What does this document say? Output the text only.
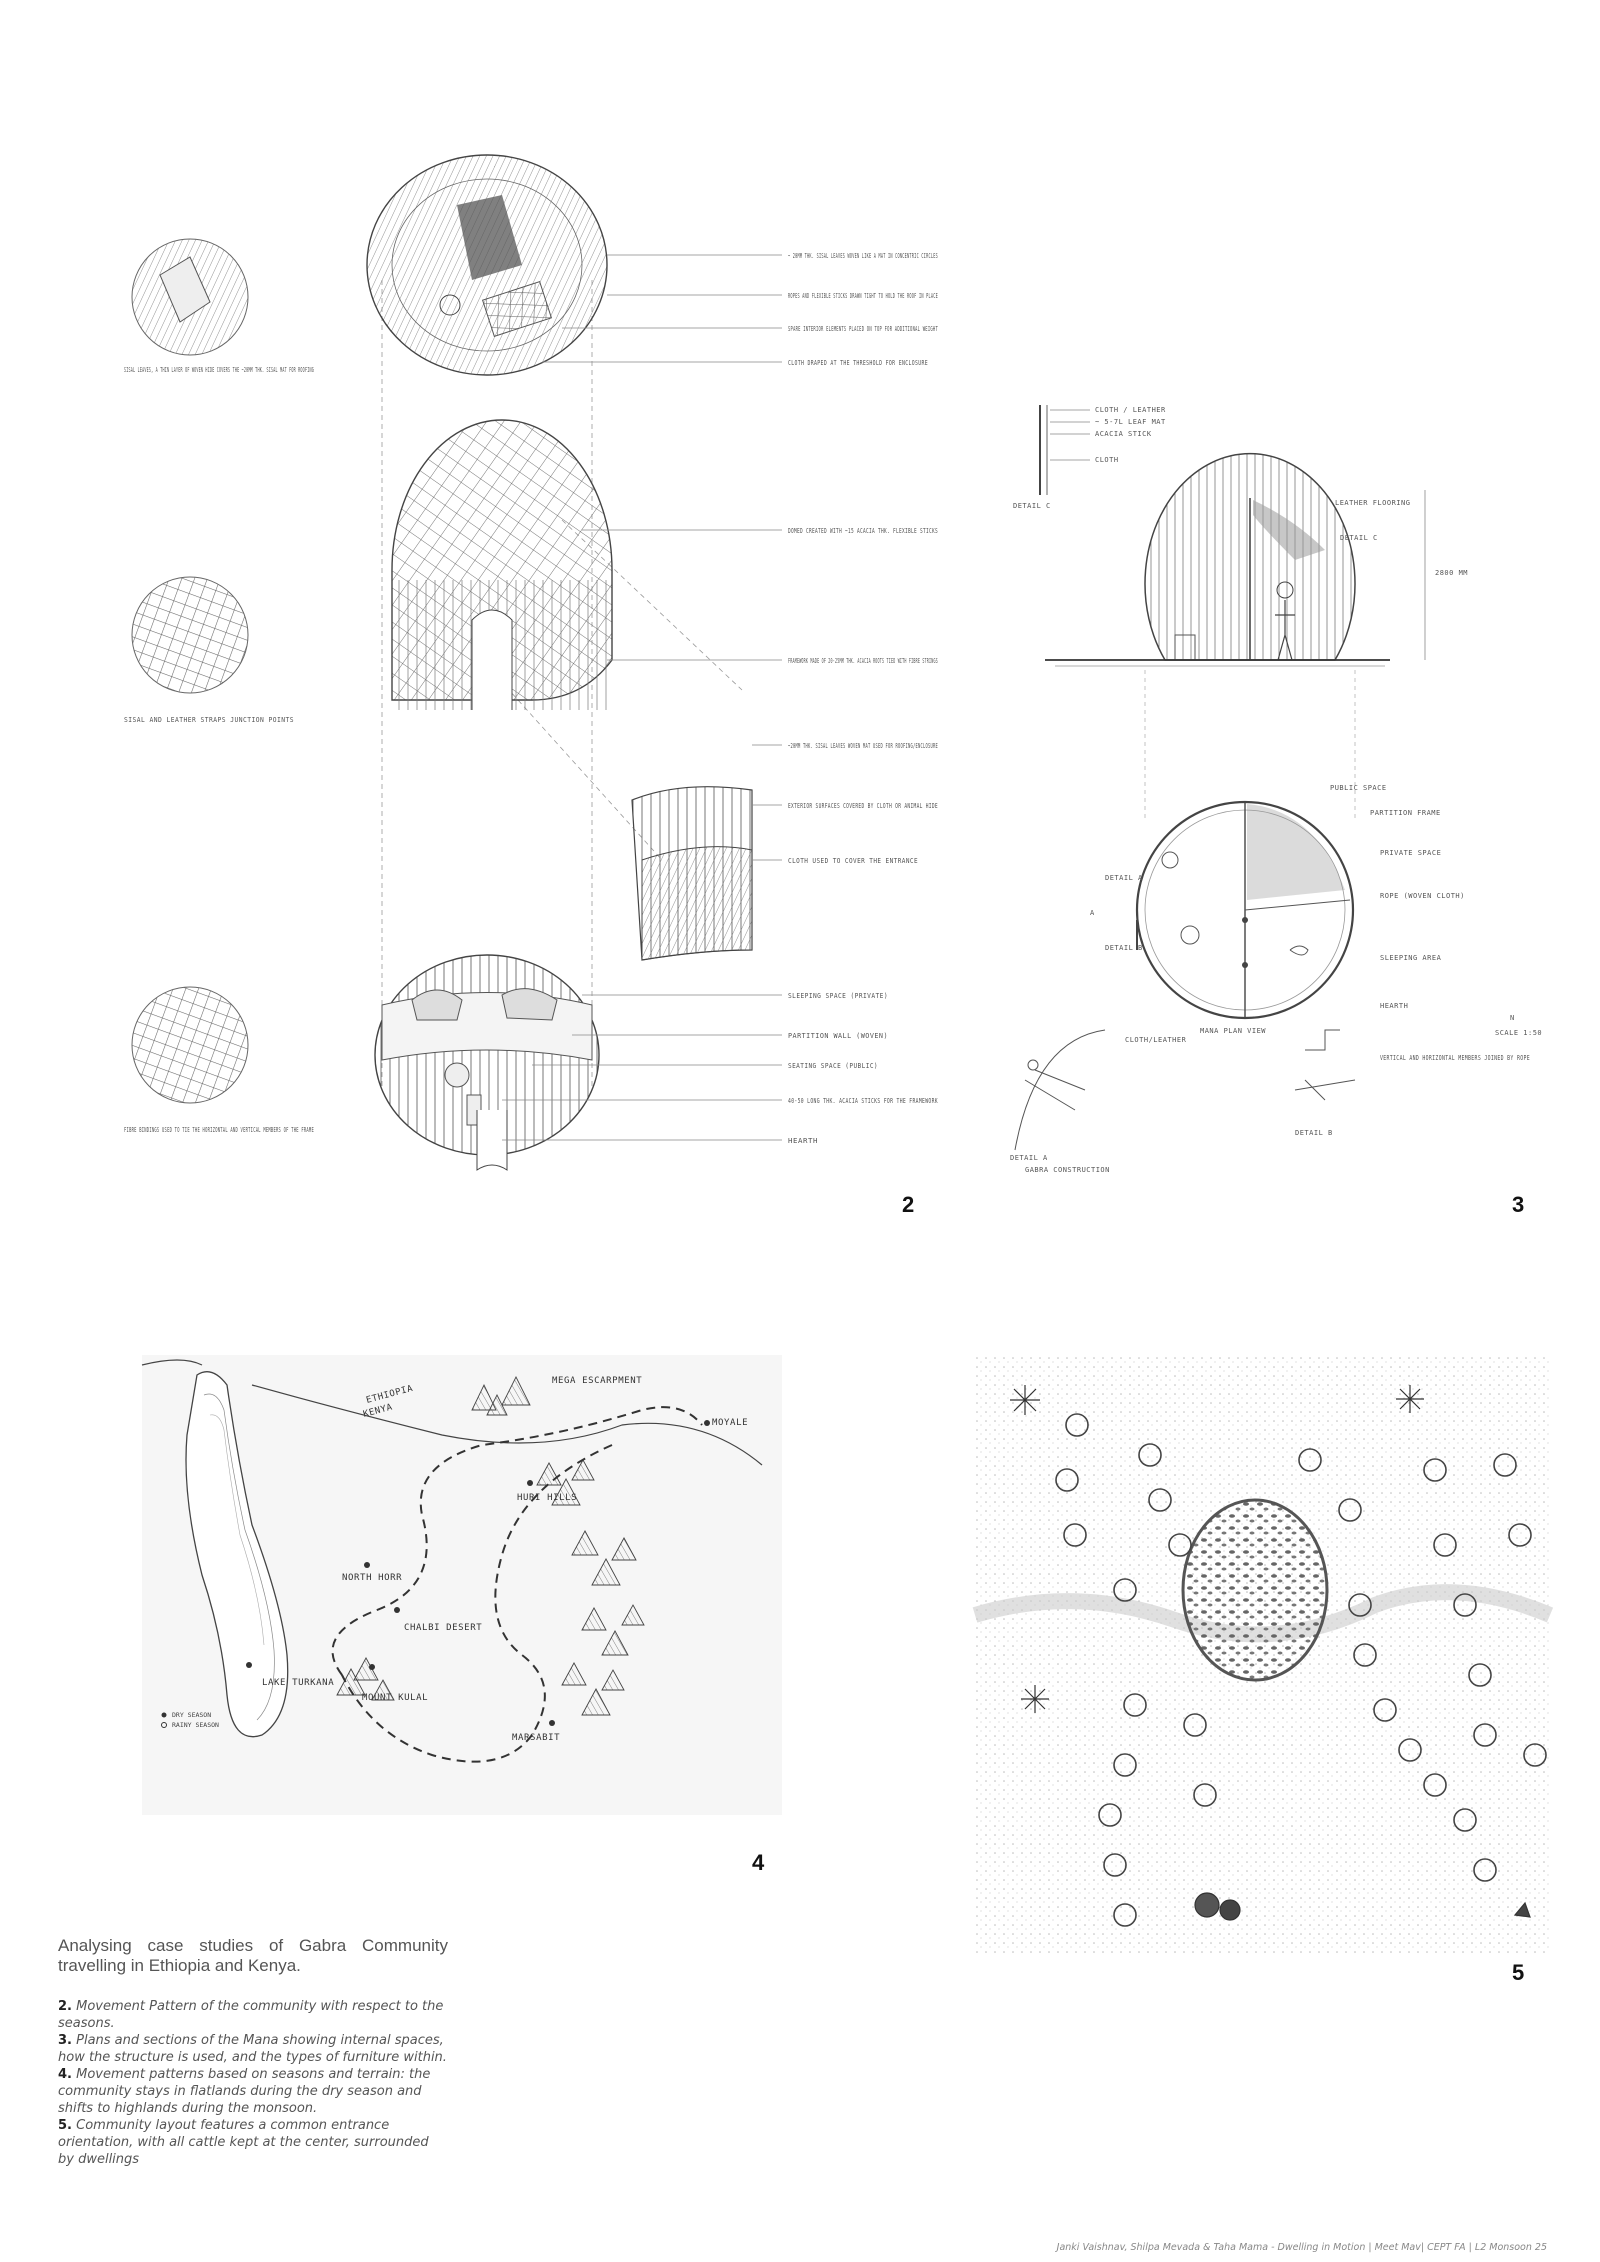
SISAL LEAVES, A THIN LAYER OF WOVEN HIDE COVERS THE ~20MM THK. SISAL MAT FOR ROOFING
SISAL AND LEATHER STRAPS JUNCTION POINTS
FIBRE BINDINGS USED TO TIE THE HORIZONTAL AND VERTICAL MEMBERS OF THE FRAME
~ 20MM THK. SISAL LEAVES WOVEN LIKE A MAT IN CONCENTRIC CIRCLES
ROPES AND FLEXIBLE STICKS DRAWN TIGHT TO HOLD THE ROOF IN PLACE
SPARE INTERIOR ELEMENTS PLACED ON TOP FOR ADDITIONAL WEIGHT
CLOTH DRAPED AT THE THRESHOLD FOR ENCLOSURE
DOMED CREATED WITH ~15 ACACIA THK. FLEXIBLE STICKS
FRAMEWORK MADE OF 20-25MM THK. ACACIA ROOTS TIED WITH FIBRE STRINGS
~20MM THK. SISAL LEAVES WOVEN MAT USED FOR ROOFING/ENCLOSURE
EXTERIOR SURFACES COVERED BY CLOTH OR ANIMAL HIDE
CLOTH USED TO COVER THE ENTRANCE
SLEEPING SPACE (PRIVATE)
PARTITION WALL (WOVEN)
SEATING SPACE (PUBLIC)
40-50 LONG THK. ACACIA STICKS FOR THE FRAMEWORK
HEARTH
2
CLOTH / LEATHER
~ 5-7L LEAF MAT
ACACIA STICK
CLOTH
DETAIL C	LEATHER FLOORING
DETAIL C
2800 MM
A
PUBLIC SPACE
PARTITION FRAME
PRIVATE SPACE
DETAIL A
DETAIL B
ROPE (WOVEN CLOTH)
SLEEPING AREA
HEARTH
MANA PLAN VIEW
N
SCALE 1:50
CLOTH/LEATHER
VERTICAL AND HORIZONTAL MEMBERS JOINED BY ROPE
DETAIL B
DETAIL A
GABRA CONSTRUCTION
3
MEGA ESCARPMENT
MOYALE
ETHIOPIA
KENYA
HURI HILLS
NORTH HORR
CHALBI DESERT
LAKE TURKANA
MOUNT KULAL
MARSABIT
DRY SEASON
RAINY SEASON
4
5

Analysing case studies of Gabra Community travelling in Ethiopia and Kenya.

2. Movement Pattern of the community with respect to the seasons.

3. Plans and sections of the Mana showing internal spaces, how the structure is used, and the types of furniture within.

4. Movement patterns based on seasons and terrain: the community stays in flatlands during the dry season and shifts to highlands during the monsoon.

5. Community layout features a common entrance orientation, with all cattle kept at the center, surrounded by dwellings

Janki Vaishnav, Shilpa Mevada & Taha Mama - Dwelling in Motion | Meet Mav| CEPT FA | L2 Monsoon 25
